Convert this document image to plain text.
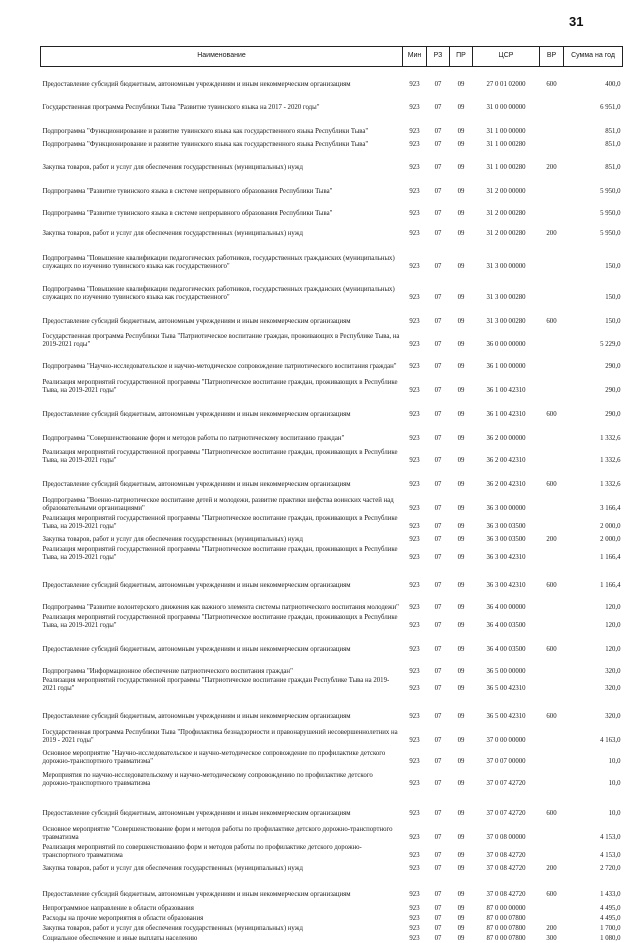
31
Наименование	Мин	РЗ	ПР	ЦСР	ВР	Сумма на год
Предоставление субсидий бюджетным, автономным учреждениям и иным некоммерческим организациям	923	07	09	27 0 01 02000	600	400,0
Государственная программа Республики Тыва "Развитие тувинского языка на 2017 - 2020 годы"	923	07	09	31 0 00 00000		6 951,0
Подпрограмма "Функционирование и развитие тувинского языка как государственного языка Республики Тыва"	923	07	09	31 1 00 00000		851,0
Подпрограмма "Функционирование и развитие тувинского языка как государственного языка Республики Тыва"	923	07	09	31 1 00 00280		851,0
Закупка товаров, работ и услуг для обеспечения государственных (муниципальных) нужд	923	07	09	31 1 00 00280	200	851,0
Подпрограмма "Развитие тувинского языка в системе непрерывного образования Республики Тыва"	923	07	09	31 2 00 00000		5 950,0
Подпрограмма "Развитие тувинского языка в системе непрерывного образования Республики Тыва"	923	07	09	31 2 00 00280		5 950,0
Закупка товаров, работ и услуг для обеспечения государственных (муниципальных) нужд	923	07	09	31 2 00 00280	200	5 950,0
Подпрограмма "Повышение квалификации педагогических работников, государственных гражданских (муниципальных) служащих по изучению тувинского языка как государственного"	923	07	09	31 3 00 00000		150,0
Подпрограмма "Повышение квалификации педагогических работников, государственных гражданских (муниципальных) служащих по изучению тувинского языка как государственного"	923	07	09	31 3 00 00280		150,0
Предоставление субсидий бюджетным, автономным учреждениям и иным некоммерческим организациям	923	07	09	31 3 00 00280	600	150,0
Государственная программа Республики Тыва "Патриотическое воспитание граждан, проживающих в Республике Тыва, на 2019-2021 годы"	923	07	09	36 0 00 00000		5 229,0
Подпрограмма "Научно-исследовательское и научно-методическое сопровождение патриотического воспитания граждан"	923	07	09	36 1 00 00000		290,0
Реализация мероприятий государственной программы "Патриотическое воспитание граждан, проживающих в Республике Тыва, на 2019-2021 годы"	923	07	09	36 1 00 42310		290,0
Предоставление субсидий бюджетным, автономным учреждениям и иным некоммерческим организациям	923	07	09	36 1 00 42310	600	290,0
Подпрограмма "Совершенствование форм и методов работы по патриотическому воспитанию граждан"	923	07	09	36 2 00 00000		1 332,6
Реализация мероприятий государственной программы "Патриотическое воспитание граждан, проживающих в Республике Тыва, на 2019-2021 годы"	923	07	09	36 2 00 42310		1 332,6
Предоставление субсидий бюджетным, автономным учреждениям и иным некоммерческим организациям	923	07	09	36 2 00 42310	600	1 332,6
Подпрограмма "Военно-патриотическое воспитание детей и молодежи, развитие практики шефства воинских частей над образовательными организациями"	923	07	09	36 3 00 00000		3 166,4
Реализация мероприятий государственной программы "Патриотическое воспитание граждан, проживающих в Республике Тыва, на 2019-2021 годы"	923	07	09	36 3 00 03500		2 000,0
Закупка товаров, работ и услуг для обеспечения государственных (муниципальных) нужд	923	07	09	36 3 00 03500	200	2 000,0
Реализация мероприятий государственной программы "Патриотическое воспитание граждан, проживающих в Республике Тыва, на 2019-2021 годы"	923	07	09	36 3 00 42310		1 166,4
Предоставление субсидий бюджетным, автономным учреждениям и иным некоммерческим организациям	923	07	09	36 3 00 42310	600	1 166,4
Подпрограмма "Развитие волонтерского движения как важного элемента системы патриотического воспитания молодежи"	923	07	09	36 4 00 00000		120,0
Реализация мероприятий государственной программы "Патриотическое воспитание граждан, проживающих в Республике Тыва, на 2019-2021 годы"	923	07	09	36 4 00 03500		120,0
Предоставление субсидий бюджетным, автономным учреждениям и иным некоммерческим организациям	923	07	09	36 4 00 03500	600	120,0
Подпрограмма "Информационное обеспечение патриотического воспитания граждан"	923	07	09	36 5 00 00000		320,0
Реализация мероприятий государственной программы "Патриотическое воспитание граждан Республике Тыва на 2019-2021 годы"	923	07	09	36 5 00 42310		320,0
Предоставление субсидий бюджетным, автономным учреждениям и иным некоммерческим организациям	923	07	09	36 5 00 42310	600	320,0
Государственная программа Республики Тыва "Профилактика безнадзорности и правонарушений несовершеннолетних на 2019 - 2021 годы"	923	07	09	37 0 00 00000		4 163,0
Основное мероприятие "Научно-исследовательское и научно-методическое сопровождение по профилактике детского дорожно-транспортного травматизма"	923	07	09	37 0 07 00000		10,0
Мероприятия по научно-исследовательскому и научно-методическому сопровождению по профилактике детского дорожно-транспортного травматизма	923	07	09	37 0 07 42720		10,0
Предоставление субсидий бюджетным, автономным учреждениям и иным некоммерческим организациям	923	07	09	37 0 07 42720	600	10,0
Основное мероприятие "Совершенствование форм и методов работы по профилактике детского дорожно-транспортного травматизма	923	07	09	37 0 08 00000		4 153,0
Реализация мероприятий по совершенствованию форм и методов работы по профилактике детского дорожно-транспортного травматизма	923	07	09	37 0 08 42720		4 153,0
Закупка товаров, работ и услуг для обеспечения государственных (муниципальных) нужд	923	07	09	37 0 08 42720	200	2 720,0
Предоставление субсидий бюджетным, автономным учреждениям и иным некоммерческим организациям	923	07	09	37 0 08 42720	600	1 433,0
Непрограммное направление в области образования	923	07	09	87 0 00 00000		4 495,0
Расходы на прочие мероприятия в области образования	923	07	09	87 0 00 07800		4 495,0
Закупка товаров, работ и услуг для обеспечения государственных (муниципальных) нужд	923	07	09	87 0 00 07800	200	1 700,0
Социальное обеспечение и иные выплаты населению	923	07	09	87 0 00 07800	300	1 080,0
